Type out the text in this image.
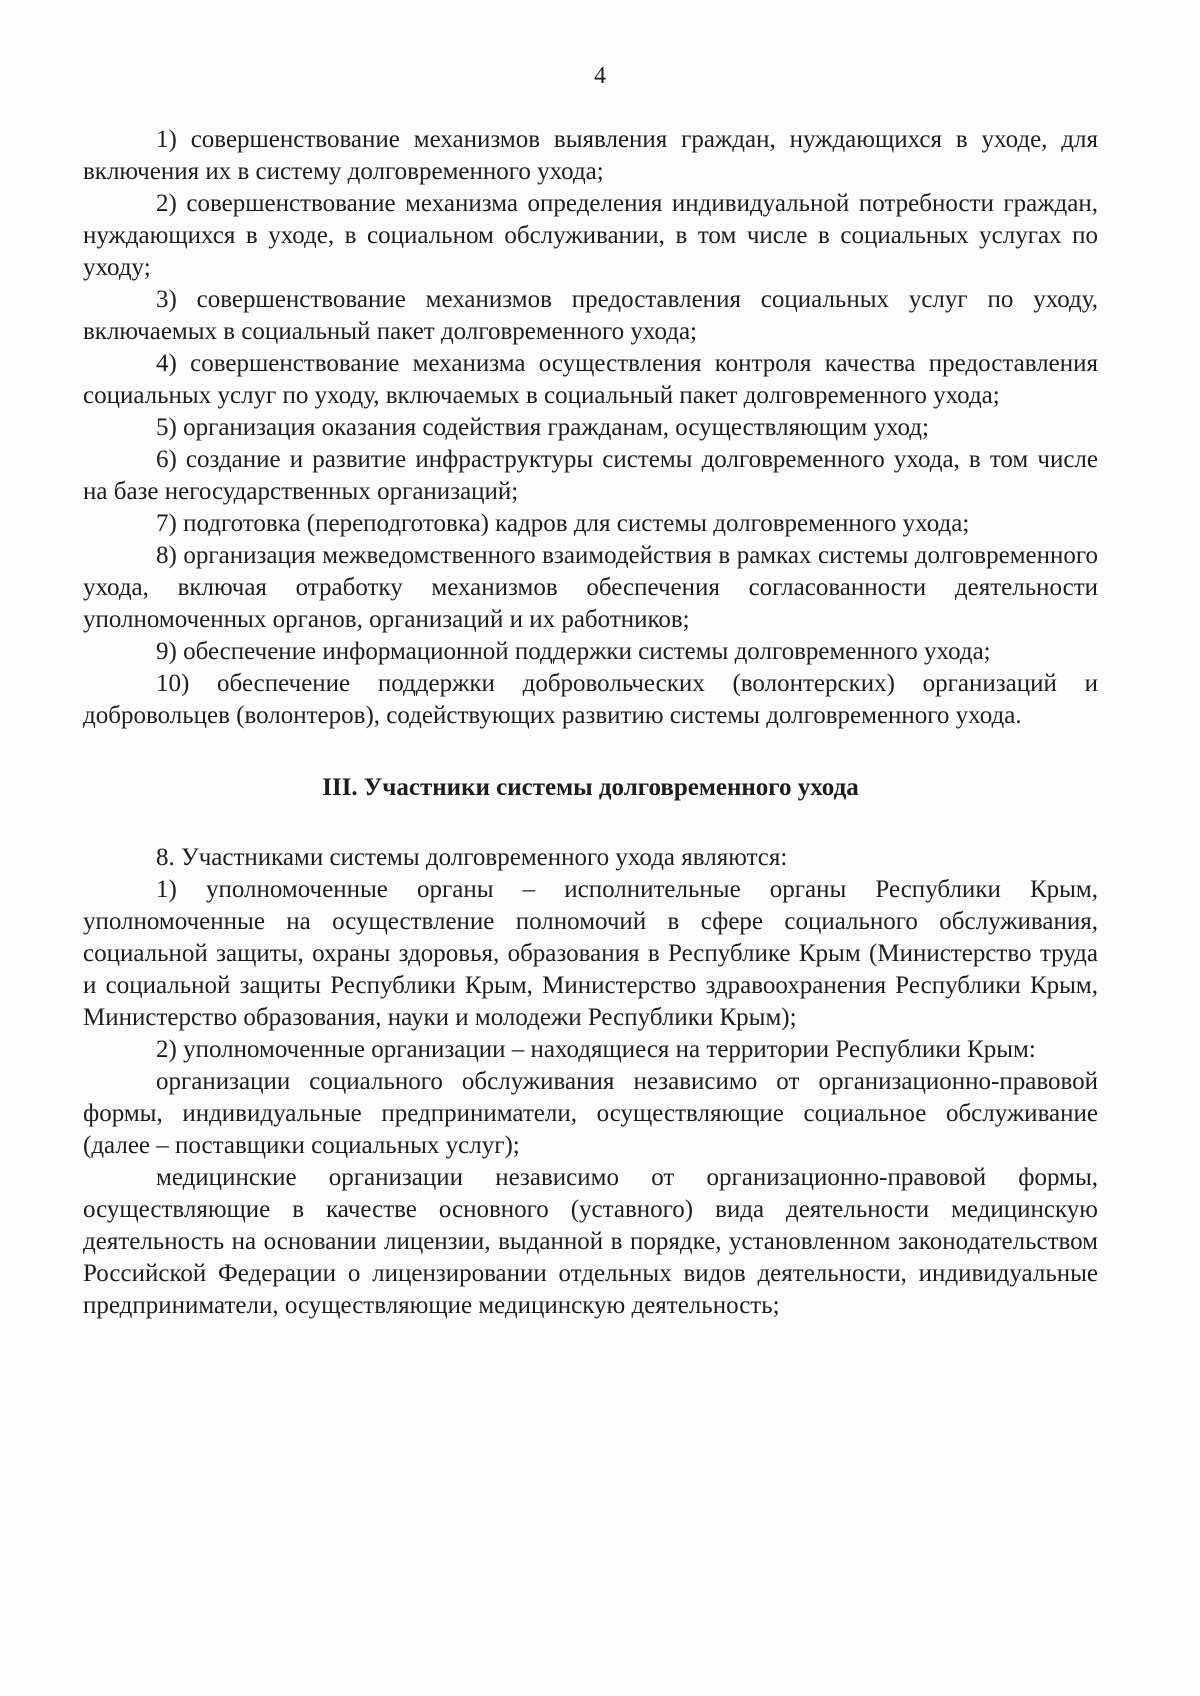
4

1) совершенствование механизмов выявления граждан, нуждающихся в уходе, для включения их в систему долговременного ухода;

2) совершенствование механизма определения индивидуальной потребности граждан, нуждающихся в уходе, в социальном обслуживании, в том числе в социальных услугах по уходу;

3) совершенствование механизмов предоставления социальных услуг по уходу, включаемых в социальный пакет долговременного ухода;

4) совершенствование механизма осуществления контроля качества предоставления социальных услуг по уходу, включаемых в социальный пакет долговременного ухода;

5) организация оказания содействия гражданам, осуществляющим уход;

6) создание и развитие инфраструктуры системы долговременного ухода, в том числе на базе негосударственных организаций;

7) подготовка (переподготовка) кадров для системы долговременного ухода;

8) организация межведомственного взаимодействия в рамках системы долговременного ухода, включая отработку механизмов обеспечения согласованности деятельности уполномоченных органов, организаций и их работников;

9) обеспечение информационной поддержки системы долговременного ухода;

10) обеспечение поддержки добровольческих (волонтерских) организаций и добровольцев (волонтеров), содействующих развитию системы долговременного ухода.

III. Участники системы долговременного ухода

8. Участниками системы долговременного ухода являются:

1) уполномоченные органы – исполнительные органы Республики Крым, уполномоченные на осуществление полномочий в сфере социального обслуживания, социальной защиты, охраны здоровья, образования в Республике Крым (Министерство труда и социальной защиты Республики Крым, Министерство здравоохранения Республики Крым, Министерство образования, науки и молодежи Республики Крым);

2) уполномоченные организации – находящиеся на территории Республики Крым:

организации социального обслуживания независимо от организационно-правовой формы, индивидуальные предприниматели, осуществляющие социальное обслуживание (далее – поставщики социальных услуг);

медицинские организации независимо от организационно-правовой формы, осуществляющие в качестве основного (уставного) вида деятельности медицинскую деятельность на основании лицензии, выданной в порядке, установленном законодательством Российской Федерации о лицензировании отдельных видов деятельности, индивидуальные предприниматели, осуществляющие медицинскую деятельность;
